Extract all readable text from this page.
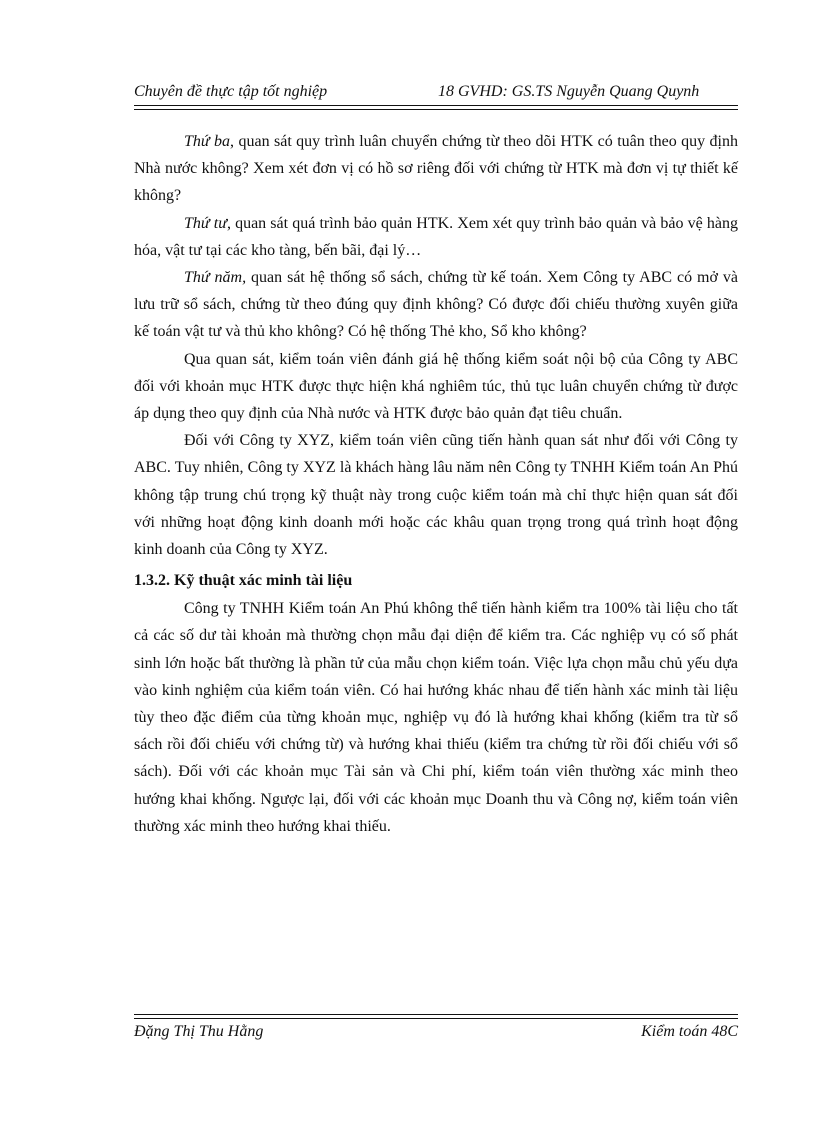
Chuyên đề thực tập tốt nghiệp	18 GVHD: GS.TS Nguyễn Quang Quynh

Thứ ba, quan sát quy trình luân chuyển chứng từ theo dõi HTK có tuân theo quy định Nhà nước không? Xem xét đơn vị có hồ sơ riêng đối với chứng từ HTK mà đơn vị tự thiết kế không?

Thứ tư, quan sát quá trình bảo quản HTK. Xem xét quy trình bảo quản và bảo vệ hàng hóa, vật tư tại các kho tàng, bến bãi, đại lý…

Thứ năm, quan sát hệ thống sổ sách, chứng từ kế toán. Xem Công ty ABC có mở và lưu trữ sổ sách, chứng từ theo đúng quy định không? Có được đối chiếu thường xuyên giữa kế toán vật tư và thủ kho không? Có hệ thống Thẻ kho, Sổ kho không?

Qua quan sát, kiểm toán viên đánh giá hệ thống kiểm soát nội bộ của Công ty ABC đối với khoản mục HTK được thực hiện khá nghiêm túc, thủ tục luân chuyển chứng từ được áp dụng theo quy định của Nhà nước và HTK được bảo quản đạt tiêu chuẩn.

Đối với Công ty XYZ, kiểm toán viên cũng tiến hành quan sát như đối với Công ty ABC. Tuy nhiên, Công ty XYZ là khách hàng lâu năm nên Công ty TNHH Kiểm toán An Phú không tập trung chú trọng kỹ thuật này trong cuộc kiểm toán mà chỉ thực hiện quan sát đối với những hoạt động kinh doanh mới hoặc các khâu quan trọng trong quá trình hoạt động kinh doanh của Công ty XYZ.

1.3.2. Kỹ thuật xác minh tài liệu

Công ty TNHH Kiểm toán An Phú không thể tiến hành kiểm tra 100% tài liệu cho tất cả các số dư tài khoản mà thường chọn mẫu đại diện để kiểm tra. Các nghiệp vụ có số phát sinh lớn hoặc bất thường là phần tử của mẫu chọn kiểm toán. Việc lựa chọn mẫu chủ yếu dựa vào kinh nghiệm của kiểm toán viên. Có hai hướng khác nhau để tiến hành xác minh tài liệu tùy theo đặc điểm của từng khoản mục, nghiệp vụ đó là hướng khai khống (kiểm tra từ sổ sách rồi đối chiếu với chứng từ) và hướng khai thiếu (kiểm tra chứng từ rồi đối chiếu với sổ sách). Đối với các khoản mục Tài sản và Chi phí, kiểm toán viên thường xác minh theo hướng khai khống. Ngược lại, đối với các khoản mục Doanh thu và Công nợ, kiểm toán viên thường xác minh theo hướng khai thiếu.

Đặng Thị Thu Hằng	Kiểm toán 48C
